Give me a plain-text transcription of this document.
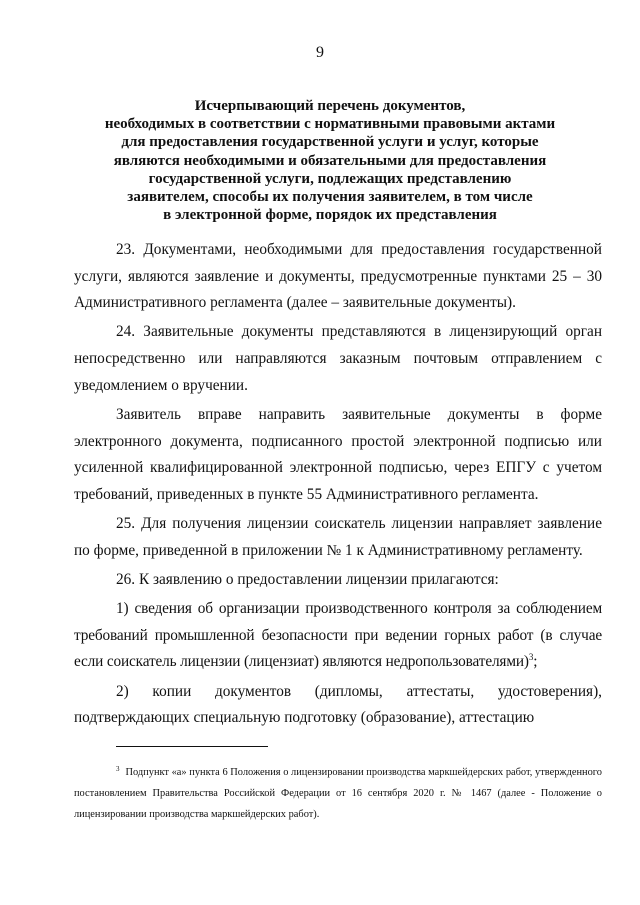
9
Исчерпывающий перечень документов,
необходимых в соответствии с нормативными правовыми актами
для предоставления государственной услуги и услуг, которые
являются необходимыми и обязательными для предоставления
государственной услуги, подлежащих представлению
заявителем, способы их получения заявителем, в том числе
в электронной форме, порядок их представления

23. Документами, необходимыми для предоставления государственной услуги, являются заявление и документы, предусмотренные пунктами 25 – 30 Административного регламента (далее – заявительные документы).

24. Заявительные документы представляются в лицензирующий орган непосредственно или направляются заказным почтовым отправлением с уведомлением о вручении.

Заявитель вправе направить заявительные документы в форме электронного документа, подписанного простой электронной подписью или усиленной квалифицированной электронной подписью, через ЕПГУ с учетом требований, приведенных в пункте 55 Административного регламента.

25. Для получения лицензии соискатель лицензии направляет заявление по форме, приведенной в приложении № 1 к Административному регламенту.

26. К заявлению о предоставлении лицензии прилагаются:

1) сведения об организации производственного контроля за соблюдением требований промышленной безопасности при ведении горных работ (в случае если соискатель лицензии (лицензиат) являются недропользователями)$^3$;

2) копии документов (дипломы, аттестаты, удостоверения), подтверждающих специальную подготовку (образование), аттестацию

$^3$ Подпункт «а» пункта 6 Положения о лицензировании производства маркшейдерских работ, утвержденного постановлением Правительства Российской Федерации от 16 сентября 2020 г. № 1467 (далее - Положение о лицензировании производства маркшейдерских работ).
